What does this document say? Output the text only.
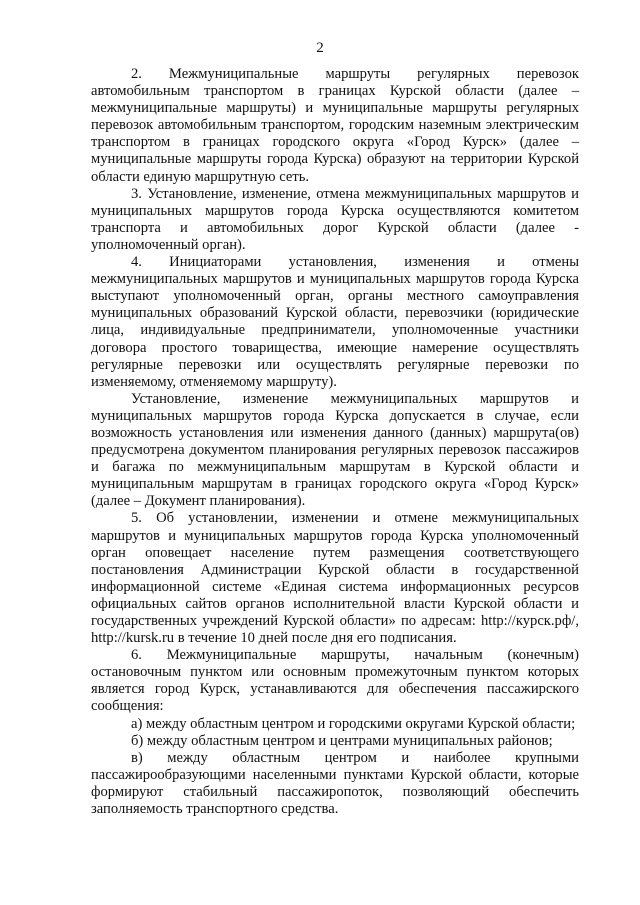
2

2. Межмуниципальные маршруты регулярных перевозок автомобильным транспортом в границах Курской области (далее – межмуниципальные маршруты) и муниципальные маршруты регулярных перевозок автомобильным транспортом, городским наземным электрическим транспортом в границах городского округа «Город Курск» (далее – муниципальные маршруты города Курска) образуют на территории Курской области единую маршрутную сеть.

3. Установление, изменение, отмена межмуниципальных маршрутов и муниципальных маршрутов города Курска осуществляются комитетом транспорта и автомобильных дорог Курской области (далее - уполномоченный орган).

4. Инициаторами установления, изменения и отмены межмуниципальных маршрутов и муниципальных маршрутов города Курска выступают уполномоченный орган, органы местного самоуправления муниципальных образований Курской области, перевозчики (юридические лица, индивидуальные предприниматели, уполномоченные участники договора простого товарищества, имеющие намерение осуществлять регулярные перевозки или осуществлять регулярные перевозки по изменяемому, отменяемому маршруту).

Установление, изменение межмуниципальных маршрутов и муниципальных маршрутов города Курска допускается в случае, если возможность установления или изменения данного (данных) маршрута(ов) предусмотрена документом планирования регулярных перевозок пассажиров и багажа по межмуниципальным маршрутам в Курской области и муниципальным маршрутам в границах городского округа «Город Курск» (далее – Документ планирования).

5. Об установлении, изменении и отмене межмуниципальных маршрутов и муниципальных маршрутов города Курска уполномоченный орган оповещает население путем размещения соответствующего постановления Администрации Курской области в государственной информационной системе «Единая система информационных ресурсов официальных сайтов органов исполнительной власти Курской области и государственных учреждений Курской области» по адресам: http://курск.рф/, http://kursk.ru в течение 10 дней после дня его подписания.

6. Межмуниципальные маршруты, начальным (конечным) остановочным пунктом или основным промежуточным пунктом которых является город Курск, устанавливаются для обеспечения пассажирского сообщения:

а) между областным центром и городскими округами Курской области;

б) между областным центром и центрами муниципальных районов;

в) между областным центром и наиболее крупными пассажирообразующими населенными пунктами Курской области, которые формируют стабильный пассажиропоток, позволяющий обеспечить заполняемость транспортного средства.
